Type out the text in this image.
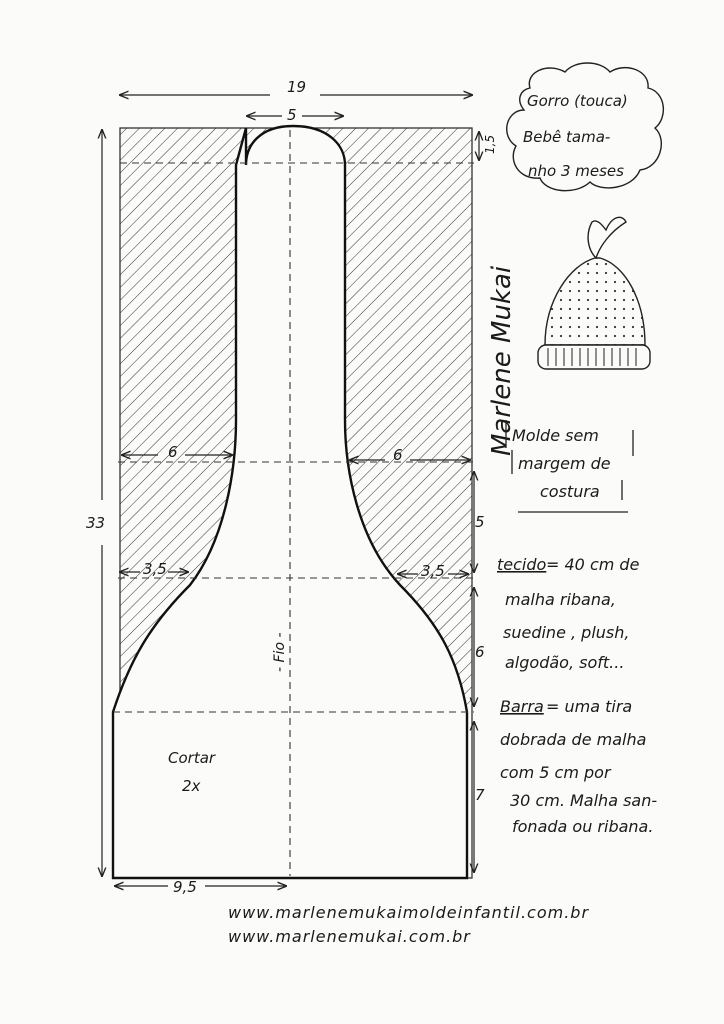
19
5
1,5
33
6	6
3,5	3,5
5
6
7
9,5
- Fio -
Cortar
2x
Gorro (touca)
Bebê tama-
nho 3 meses
Marlene Mukai
Molde sem
margem de
costura
tecido = 40 cm de
malha ribana,
suedine , plush,
algodão, soft...
Barra = uma tira
dobrada de malha
com 5 cm por
30 cm. Malha san-
fonada ou ribana.
www.marlenemukaimoldeinfantil.com.br
www.marlenemukai.com.br
